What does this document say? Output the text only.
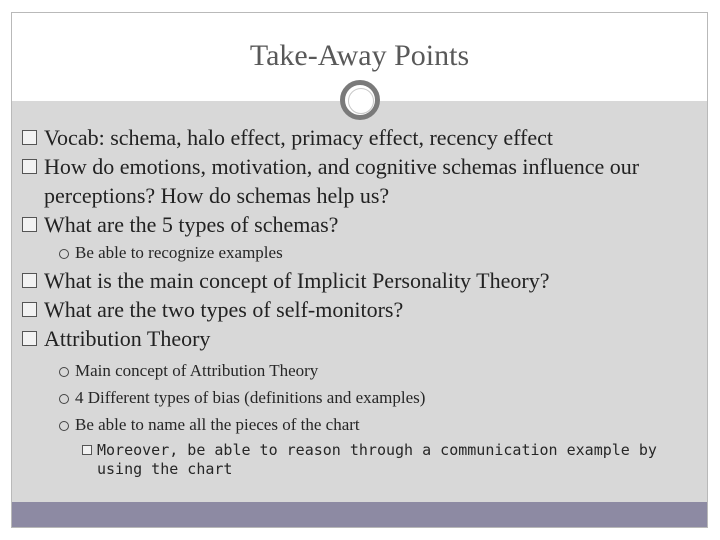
Take-Away Points
Vocab: schema, halo effect, primacy effect, recency effect
How do emotions, motivation, and cognitive schemas influence our perceptions? How do schemas help us?
What are the 5 types of schemas?
Be able to recognize examples
What is the main concept of Implicit Personality Theory?
What are the two types of self-monitors?
Attribution Theory
Main concept of Attribution Theory
4 Different types of bias (definitions and examples)
Be able to name all the pieces of the chart
Moreover, be able to reason through a communication example by using the chart
